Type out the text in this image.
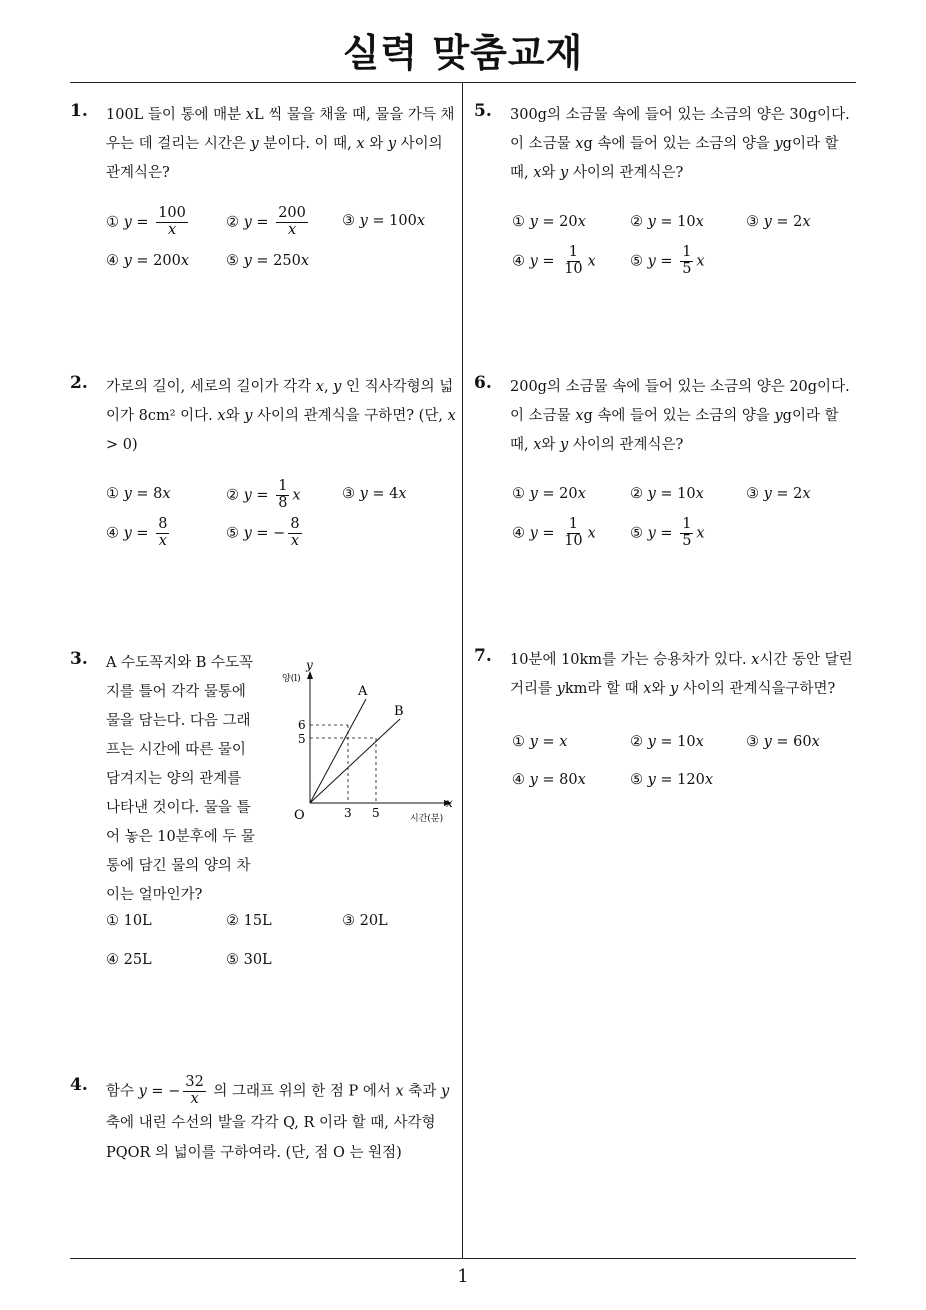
실력 맞춤교재
1. 100L 들이 통에 매분 xL 씩 물을 채울 때, 물을 가득 채우는 데 걸리는 시간은 y 분이다. 이 때, x 와 y 사이의 관계식은?
① $y = \frac{100}{x}$	② $y = \frac{200}{x}$ ③ y = 100x
④ y = 200x	⑤ y = 250x
2. 가로의 길이, 세로의 길이가 각각 x, y 인 직사각형의 넓이가 8cm² 이다. x와 y 사이의 관계식을 구하면? (단, x > 0)
① y = 8x	② $y = \frac{1}{8}$ x	③ y = 4x
④ $y = \frac{8}{x}$	⑤ y = − $\frac{8}{x}$
3. A 수도꼭지와 B 수도꼭지를 틀어 각각 물통에 물을 담는다. 다음 그래프는 시간에 따른 물이 담겨지는 양의 관계를 나타낸 것이다. 물을 틀어 놓은 10분후에 두 물통에 담긴 물의 양의 차이는 얼마인가?
양(l)
y
x
시간(분)
O
A
B
6
5
3 5
① 10L	② 15L	③ 20L
④ 25L	⑤ 30L
4. 함수 y = − $\frac{32}{x}$ 의 그래프 위의 한 점 P 에서 x 축과 y 축에 내린 수선의 발을 각각 Q, R 이라 할 때, 사각형 PQOR 의 넓이를 구하여라. (단, 점 O 는 원점)
5. 300g의 소금물 속에 들어 있는 소금의 양은 30g이다. 이 소금물 xg 속에 들어 있는 소금의 양을 yg이라 할 때, x와 y 사이의 관계식은?
① y = 20x	② y = 10x	③ y = 2x
④ $y = \frac{1}{10}$ x ⑤ $y = \frac{1}{5}$ x
6. 200g의 소금물 속에 들어 있는 소금의 양은 20g이다. 이 소금물 xg 속에 들어 있는 소금의 양을 yg이라 할 때, x와 y 사이의 관계식은?
① y = 20x	② y = 10x	③ y = 2x
④ $y = \frac{1}{10}$ x ⑤ $y = \frac{1}{5}$ x
7. 10분에 10km를 가는 승용차가 있다. x시간 동안 달린 거리를 ykm라 할 때 x와 y 사이의 관계식을구하면?
① y = x	② y = 10x	③ y = 60x
④ y = 80x	⑤ y = 120x
1
